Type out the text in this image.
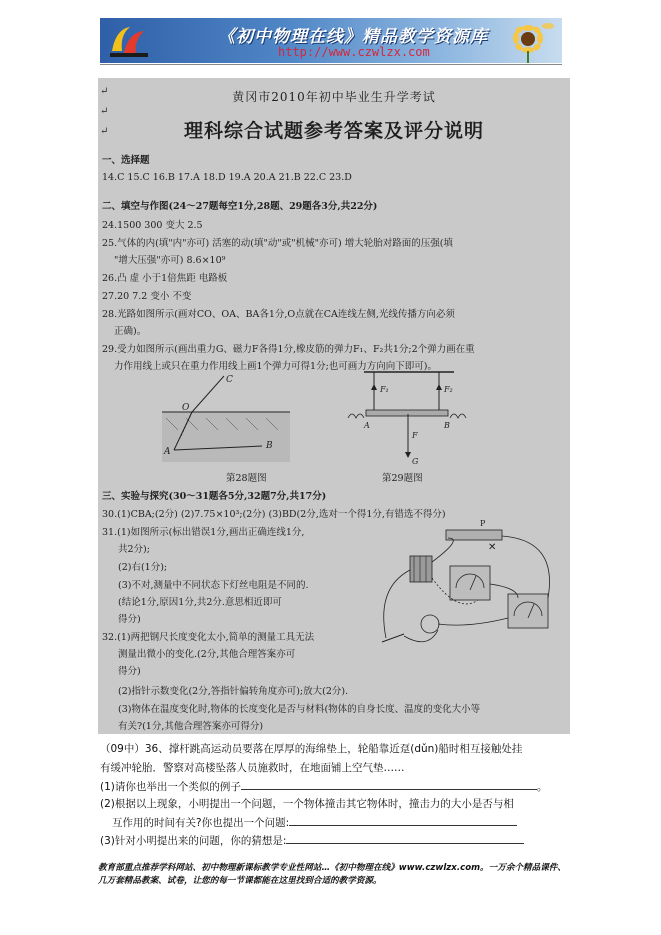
《初中物理在线》精品教学资源库
http://www.czwlzx.com
↵
↵
↵
黄冈市2010年初中毕业生升学考试
理科综合试题参考答案及评分说明
一、选择题
14.C 15.C 16.B 17.A 18.D 19.A 20.A 21.B 22.C 23.D
二、填空与作图(24～27题每空1分,28题、29题各3分,共22分)
24.1500 300 变大 2.5
25.气体的内(填"内"亦可) 活塞的动(填"动"或"机械"亦可) 增大轮胎对路面的压强(填
"增大压强"亦可) 8.6×10⁹
26.凸 虚 小于1倍焦距 电路板
27.20 7.2 变小 不变
28.光路如图所示(画对CO、OA、BA各1分,O点就在CA连线左侧,光线传播方向必须
正确)。
29.受力如图所示(画出重力G、磁力F各得1分,橡皮筋的弹力F₁、F₂共1分;2个弹力画在重
力作用线上或只在重力作用线上画1个弹力可得1分;也可画力方向向下即可)。
C
O
A
B
第28题图
F₁	F₂
F
G
A	B
第29题图
三、实验与探究(30～31题各5分,32题7分,共17分)
30.(1)CBA;(2分) (2)7.75×10³;(2分) (3)BD(2分,选对一个得1分,有错选不得分)
31.(1)如图所示(标出错误1分,画出正确连线1分,
共2分);
(2)右(1分);
(3)不对,测量中不同状态下灯丝电阻是不同的.
(结论1分,原因1分,共2分.意思相近即可
得分)
32.(1)两把钢尺长度变化太小,简单的测量工具无法
测量出微小的变化.(2分,其他合理答案亦可
得分)
(2)指针示数变化(2分,答指针偏转角度亦可);放大(2分).
(3)物体在温度变化时,物体的长度变化是否与材料(物体的自身长度、温度的变化大小等
有关?(1分,其他合理答案亦可得分)
P
✕
（09中）36、撑杆跳高运动员要落在厚厚的海绵垫上，轮船靠近趸(dǔn)船时相互接触处挂
有缓冲轮胎．警察对高楼坠落人员施救时，在地面铺上空气垫……
(1)请你也举出一个类似的例子	。
(2)根据以上现象，小明提出一个问题，一个物体撞击其它物体时，撞击力的大小是否与相
互作用的时间有关?你也提出一个问题:
(3)针对小明提出来的问题，你的猜想是:
教育部重点推荐学科网站、初中物理新课标教学专业性网站…《初中物理在线》www.czwlzx.com。一万余个精品课件、几万套精品教案、试卷，让您的每一节课都能在这里找到合适的教学资源。
